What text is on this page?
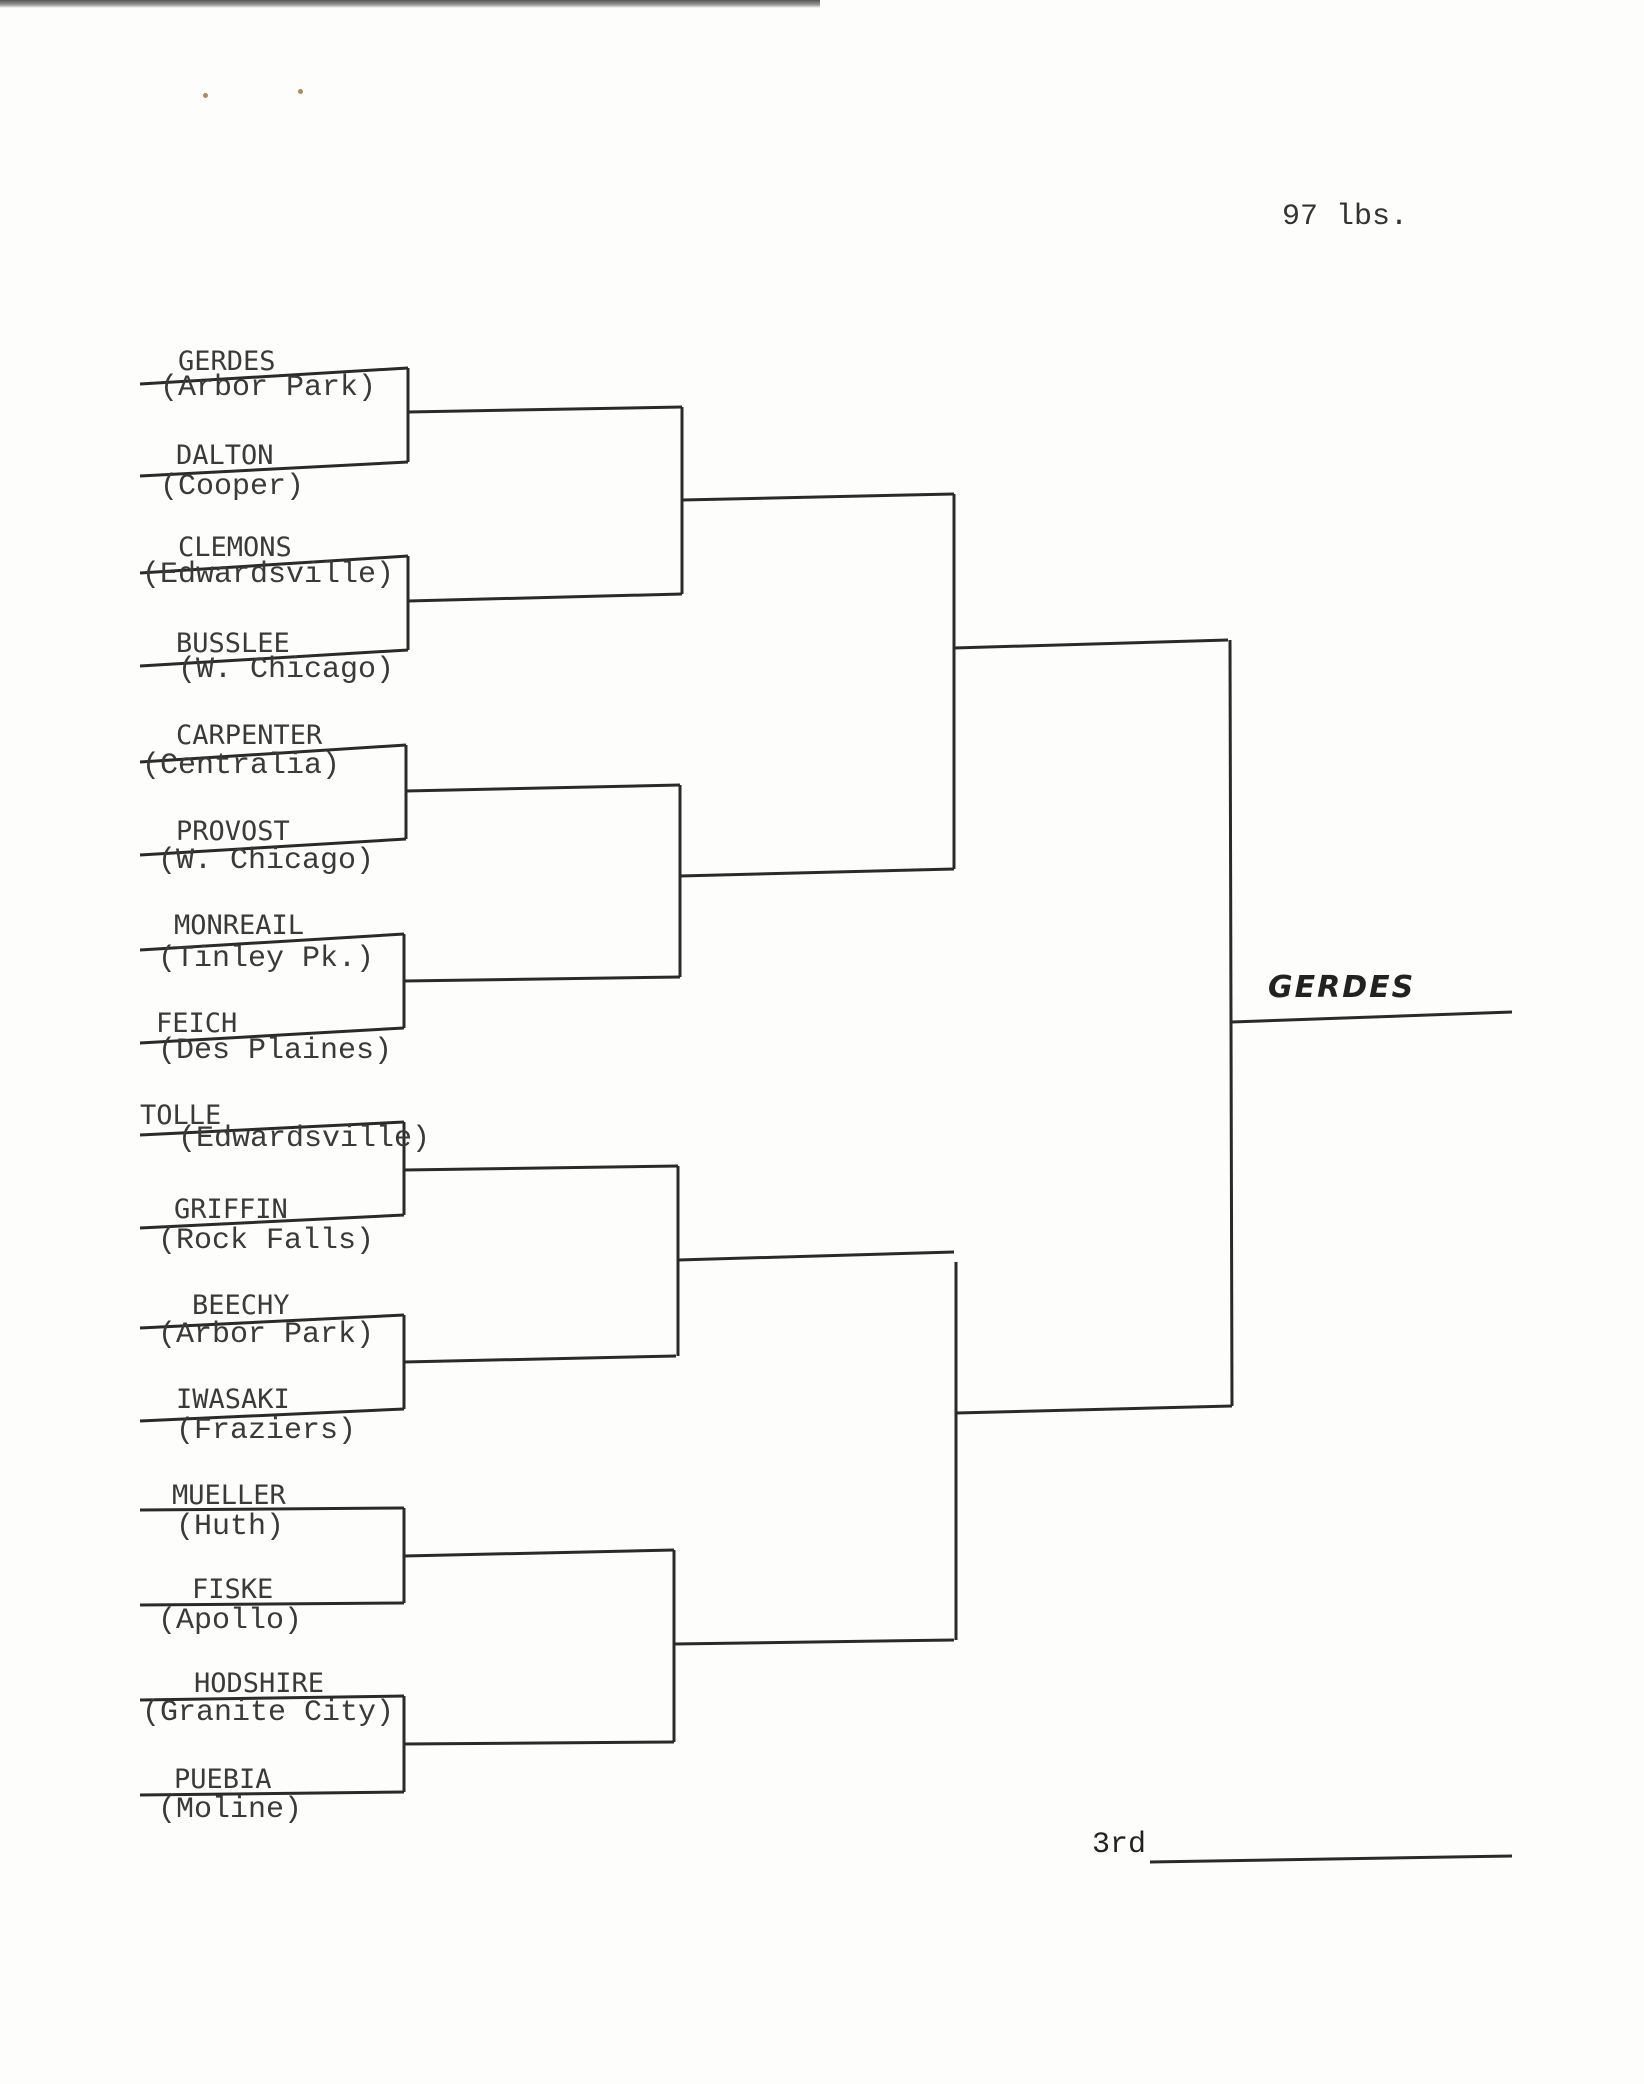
97 lbs.
GERDES
(Arbor Park)
DALTON
(Cooper)
CLEMONS
(Edwardsville)
BUSSLEE
(W. Chicago)
CARPENTER
(Centralia)
PROVOST
(W. Chicago)
MONREAIL
(Tinley Pk.)
FEICH
(Des Plaines)
TOLLE
(Edwardsville)
GRIFFIN
(Rock Falls)
BEECHY
(Arbor Park)
IWASAKI
(Fraziers)
MUELLER
(Huth)
FISKE
(Apollo)
HODSHIRE
(Granite City)
PUEBIA
(Moline)
GERDES
3rd
